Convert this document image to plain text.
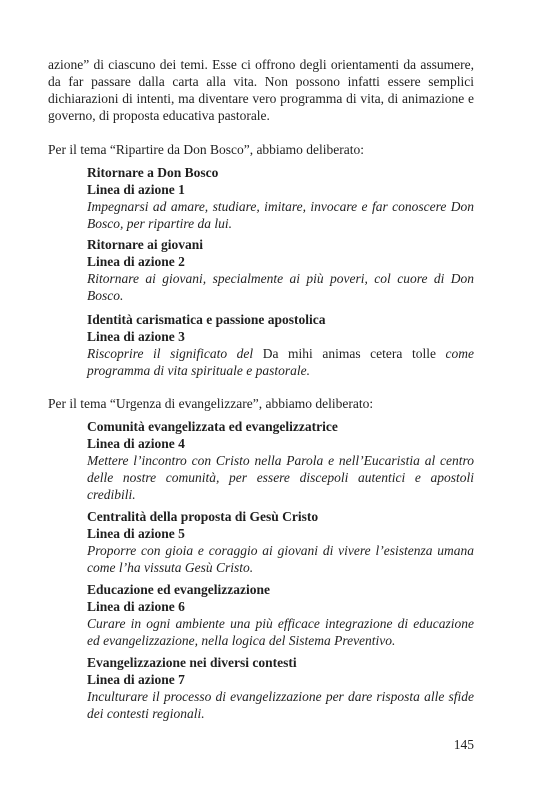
azione” di ciascuno dei temi. Esse ci offrono degli orientamenti da assumere, da far passare dalla carta alla vita. Non possono infatti essere semplici dichiarazioni di intenti, ma diventare vero programma di vita, di animazione e governo, di proposta educativa pastorale.

Per il tema “Ripartire da Don Bosco”, abbiamo deliberato:
Ritornare a Don Bosco
Linea di azione 1
Impegnarsi ad amare, studiare, imitare, invocare e far conoscere Don Bosco, per ripartire da lui.
Ritornare ai giovani
Linea di azione 2
Ritornare ai giovani, specialmente ai più poveri, col cuore di Don Bosco.
Identità carismatica e passione apostolica
Linea di azione 3
Riscoprire il significato del Da mihi animas cetera tolle come programma di vita spirituale e pastorale.
Per il tema “Urgenza di evangelizzare”, abbiamo deliberato:
Comunità evangelizzata ed evangelizzatrice
Linea di azione 4
Mettere l’incontro con Cristo nella Parola e nell’Eucaristia al centro delle nostre comunità, per essere discepoli autentici e apostoli credibili.
Centralità della proposta di Gesù Cristo
Linea di azione 5
Proporre con gioia e coraggio ai giovani di vivere l’esistenza umana come l’ha vissuta Gesù Cristo.
Educazione ed evangelizzazione
Linea di azione 6
Curare in ogni ambiente una più efficace integrazione di educazione ed evangelizzazione, nella logica del Sistema Preventivo.
Evangelizzazione nei diversi contesti
Linea di azione 7
Inculturare il processo di evangelizzazione per dare risposta alle sfide dei contesti regionali.
145
